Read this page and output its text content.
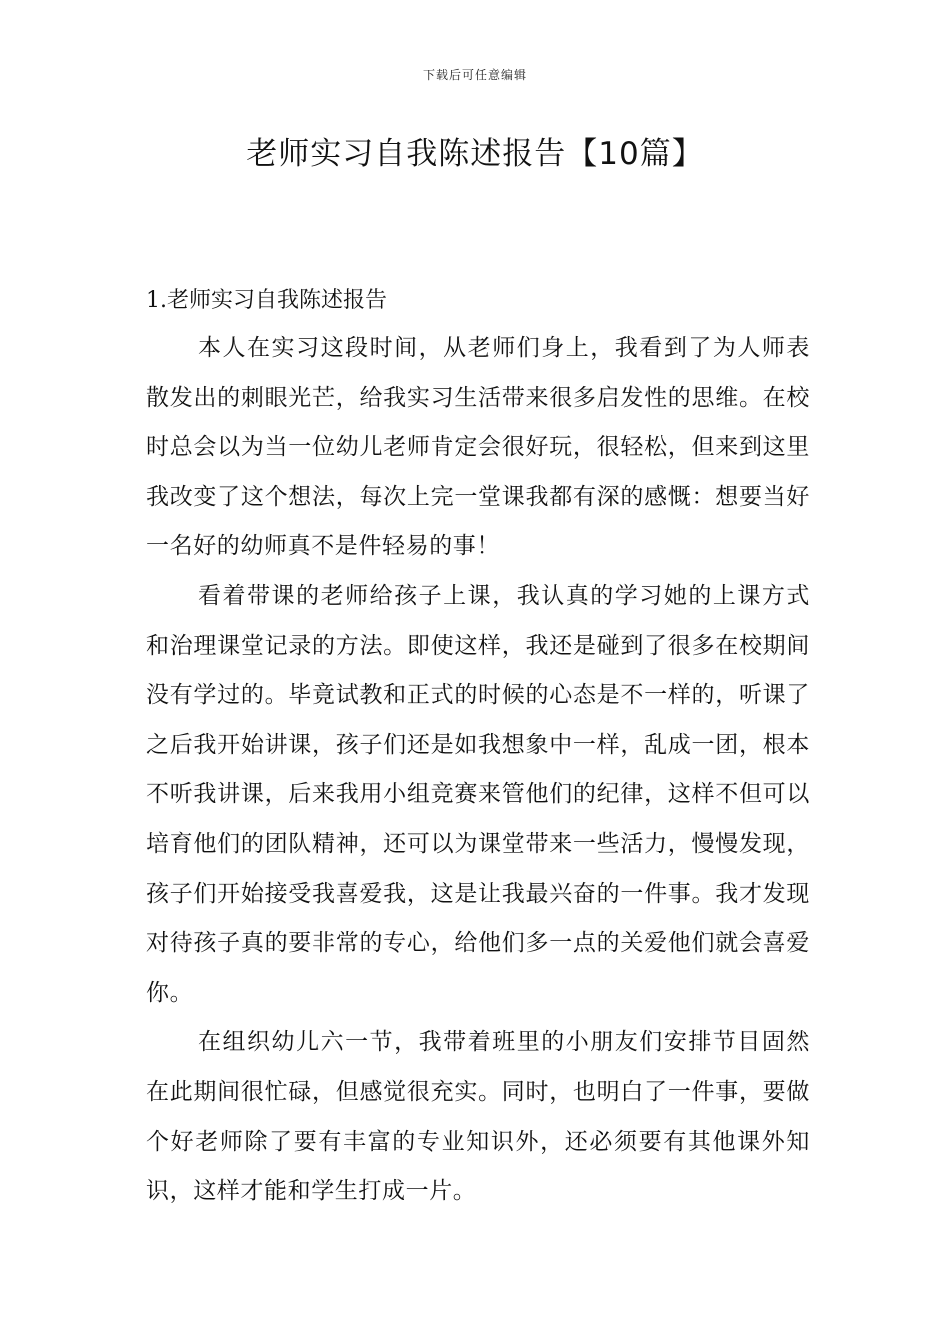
下载后可任意编辑
老师实习自我陈述报告【10篇】
1.老师实习自我陈述报告

本人在实习这段时间，从老师们身上，我看到了为人师表散发出的刺眼光芒，给我实习生活带来很多启发性的思维。在校时总会以为当一位幼儿老师肯定会很好玩，很轻松，但来到这里我改变了这个想法，每次上完一堂课我都有深的感慨：想要当好一名好的幼师真不是件轻易的事！

看着带课的老师给孩子上课，我认真的学习她的上课方式和治理课堂记录的方法。即使这样，我还是碰到了很多在校期间没有学过的。毕竟试教和正式的时候的心态是不一样的，听课了之后我开始讲课，孩子们还是如我想象中一样，乱成一团，根本不听我讲课，后来我用小组竞赛来管他们的纪律，这样不但可以培育他们的团队精神，还可以为课堂带来一些活力，慢慢发现，孩子们开始接受我喜爱我，这是让我最兴奋的一件事。我才发现对待孩子真的要非常的专心，给他们多一点的关爱他们就会喜爱你。

在组织幼儿六一节，我带着班里的小朋友们安排节目固然在此期间很忙碌，但感觉很充实。同时，也明白了一件事，要做个好老师除了要有丰富的专业知识外，还必须要有其他课外知识，这样才能和学生打成一片。
